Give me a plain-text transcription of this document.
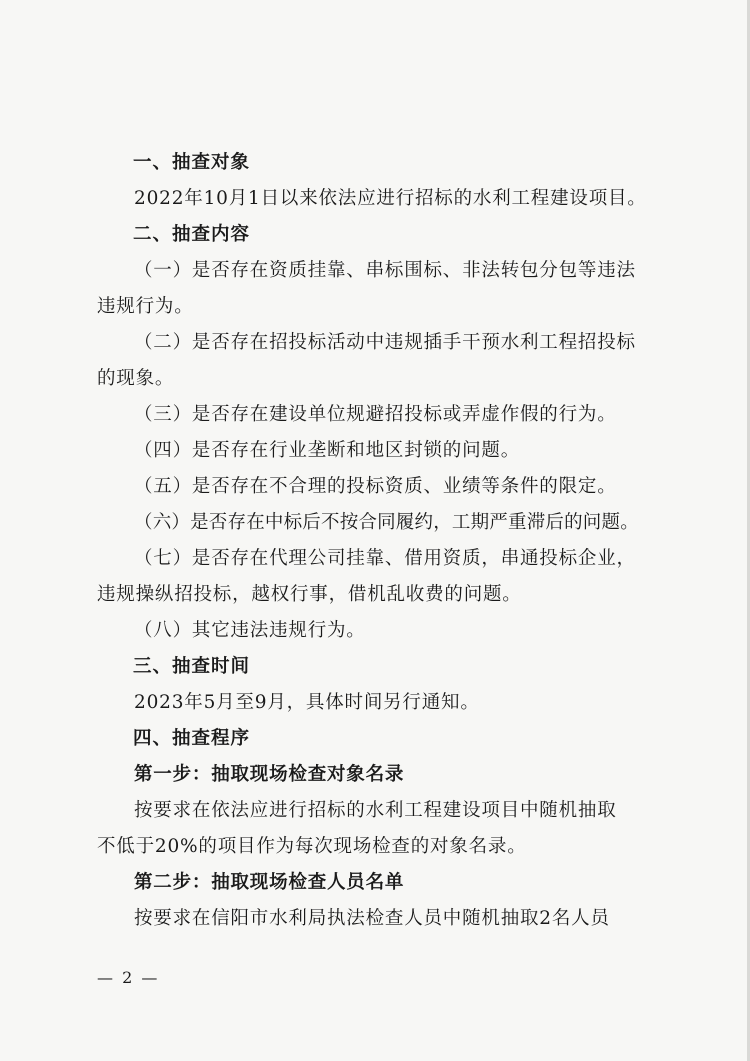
一、抽查对象
2022年10月1日以来依法应进行招标的水利工程建设项目。
二、抽查内容
（一）是否存在资质挂靠、串标围标、非法转包分包等违法
违规行为。
（二）是否存在招投标活动中违规插手干预水利工程招投标
的现象。
（三）是否存在建设单位规避招投标或弄虚作假的行为。
（四）是否存在行业垄断和地区封锁的问题。
（五）是否存在不合理的投标资质、业绩等条件的限定。
（六）是否存在中标后不按合同履约，工期严重滞后的问题。
（七）是否存在代理公司挂靠、借用资质，串通投标企业，
违规操纵招投标，越权行事，借机乱收费的问题。
（八）其它违法违规行为。
三、抽查时间
2023年5月至9月，具体时间另行通知。
四、抽查程序
第一步：抽取现场检查对象名录
按要求在依法应进行招标的水利工程建设项目中随机抽取
不低于20%的项目作为每次现场检查的对象名录。
第二步：抽取现场检查人员名单
按要求在信阳市水利局执法检查人员中随机抽取2名人员
— 2 —
